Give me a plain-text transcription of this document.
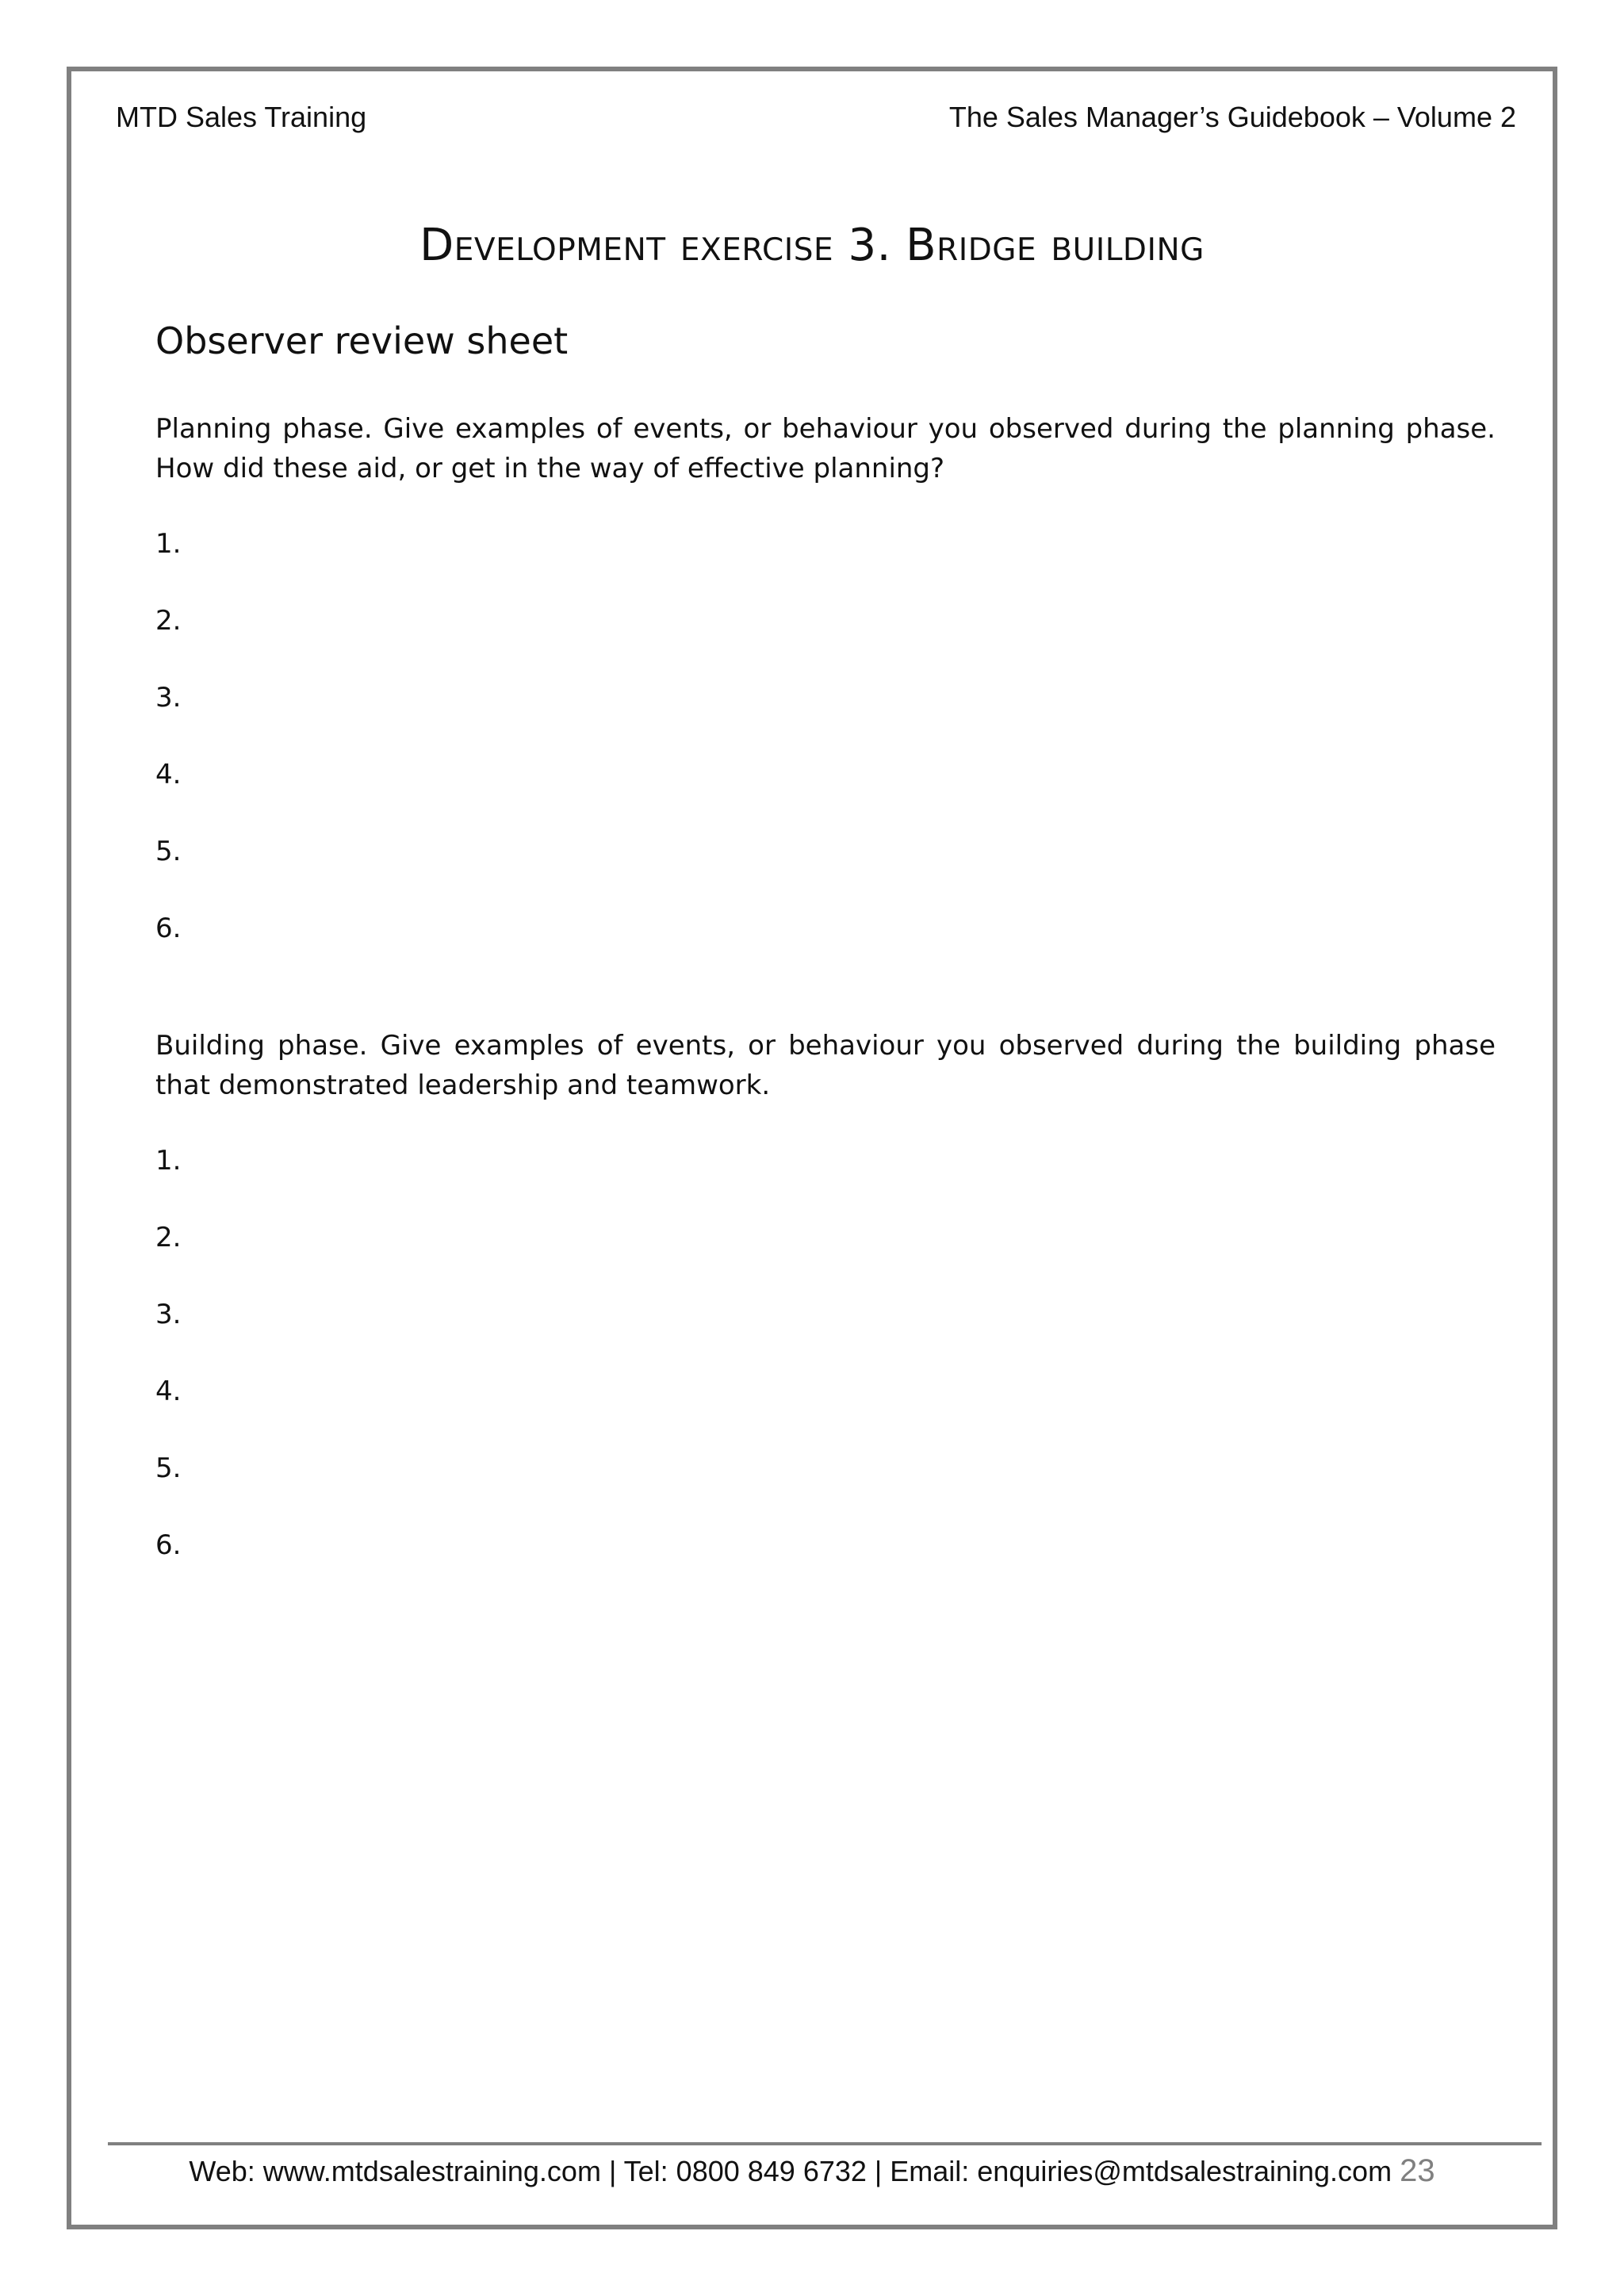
MTD Sales Training	The Sales Manager’s Guidebook – Volume 2
Development exercise 3. Bridge building
Observer review sheet
Planning phase. Give examples of events, or behaviour you observed during the planning phase. How did these aid, or get in the way of effective planning?
1.
2.
3.
4.
5.
6.
Building phase. Give examples of events, or behaviour you observed during the building phase that demonstrated leadership and teamwork.
1.
2.
3.
4.
5.
6.
Web: www.mtdsalestraining.com | Tel: 0800 849 6732 | Email: enquiries@mtdsalestraining.com 23
